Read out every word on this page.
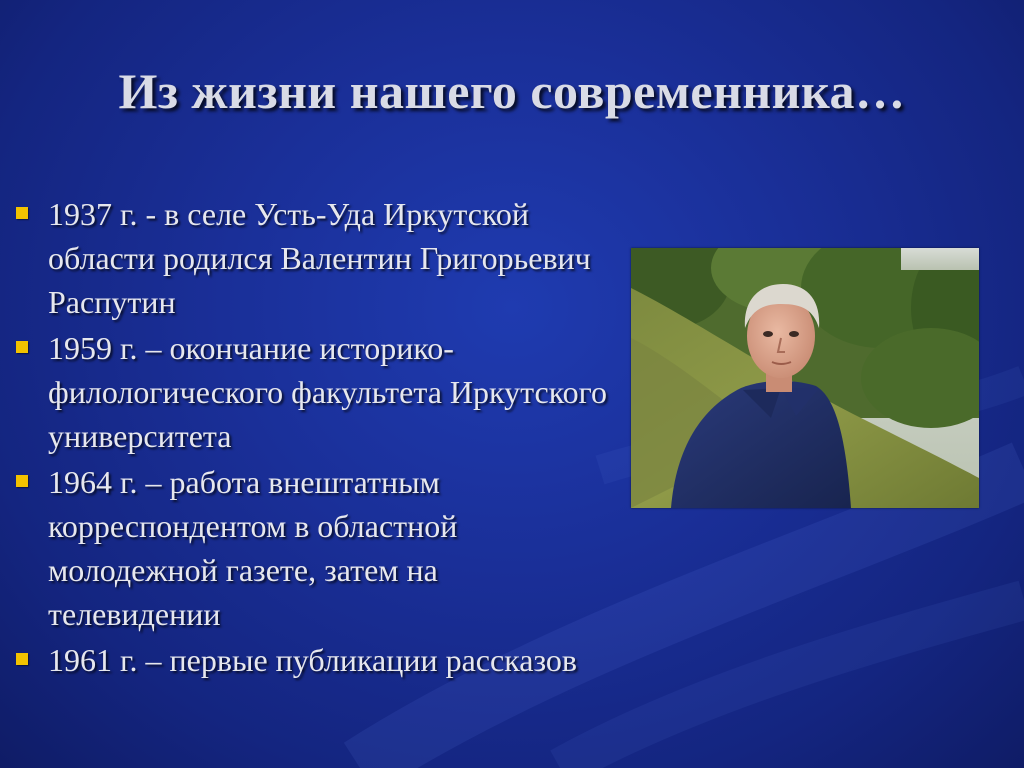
Из жизни нашего современника…
1937 г. - в селе Усть-Уда Иркутской области родился Валентин Григорьевич Распутин
1959 г. – окончание историко-филологического факультета Иркутского университета
1964 г. – работа внештатным корреспондентом в областной молодежной газете, затем на телевидении
1961 г. – первые публикации рассказов
